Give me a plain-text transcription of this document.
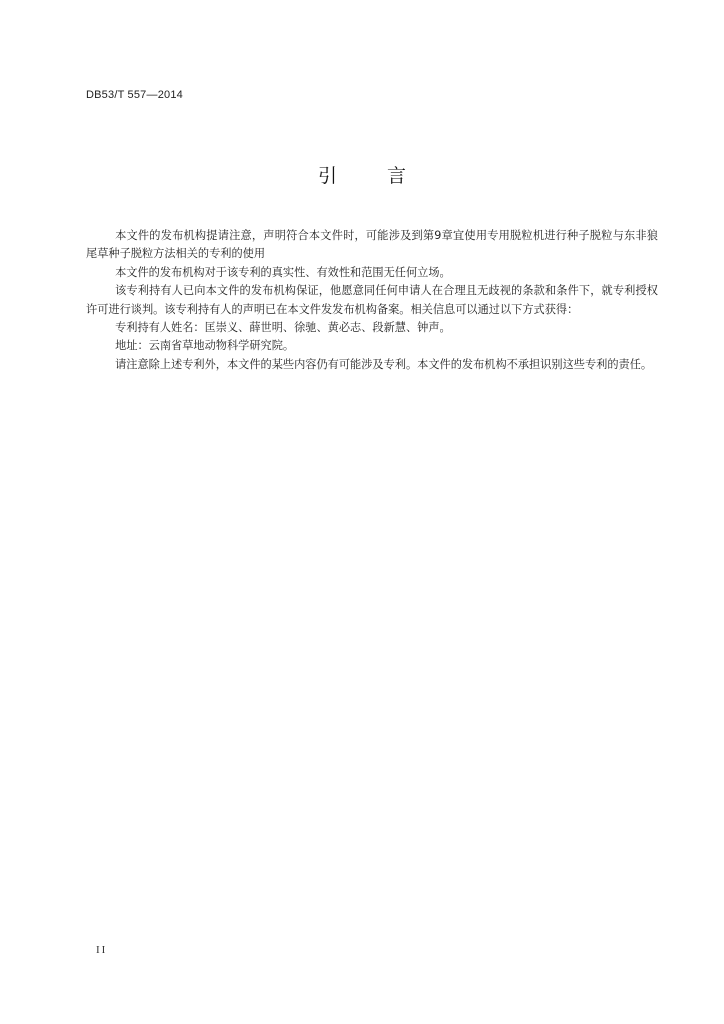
DB53/T 557—2014
引 言

本文件的发布机构提请注意，声明符合本文件时，可能涉及到第9章宜使用专用脱粒机进行种子脱粒与东非狼尾草种子脱粒方法相关的专利的使用

本文件的发布机构对于该专利的真实性、有效性和范围无任何立场。

该专利持有人已向本文件的发布机构保证，他愿意同任何申请人在合理且无歧视的条款和条件下，就专利授权许可进行谈判。该专利持有人的声明已在本文件发发布机构备案。相关信息可以通过以下方式获得：

专利持有人姓名：匡崇义、薛世明、徐驰、黄必志、段新慧、钟声。

地址：云南省草地动物科学研究院。

请注意除上述专利外，本文件的某些内容仍有可能涉及专利。本文件的发布机构不承担识别这些专利的责任。

II
